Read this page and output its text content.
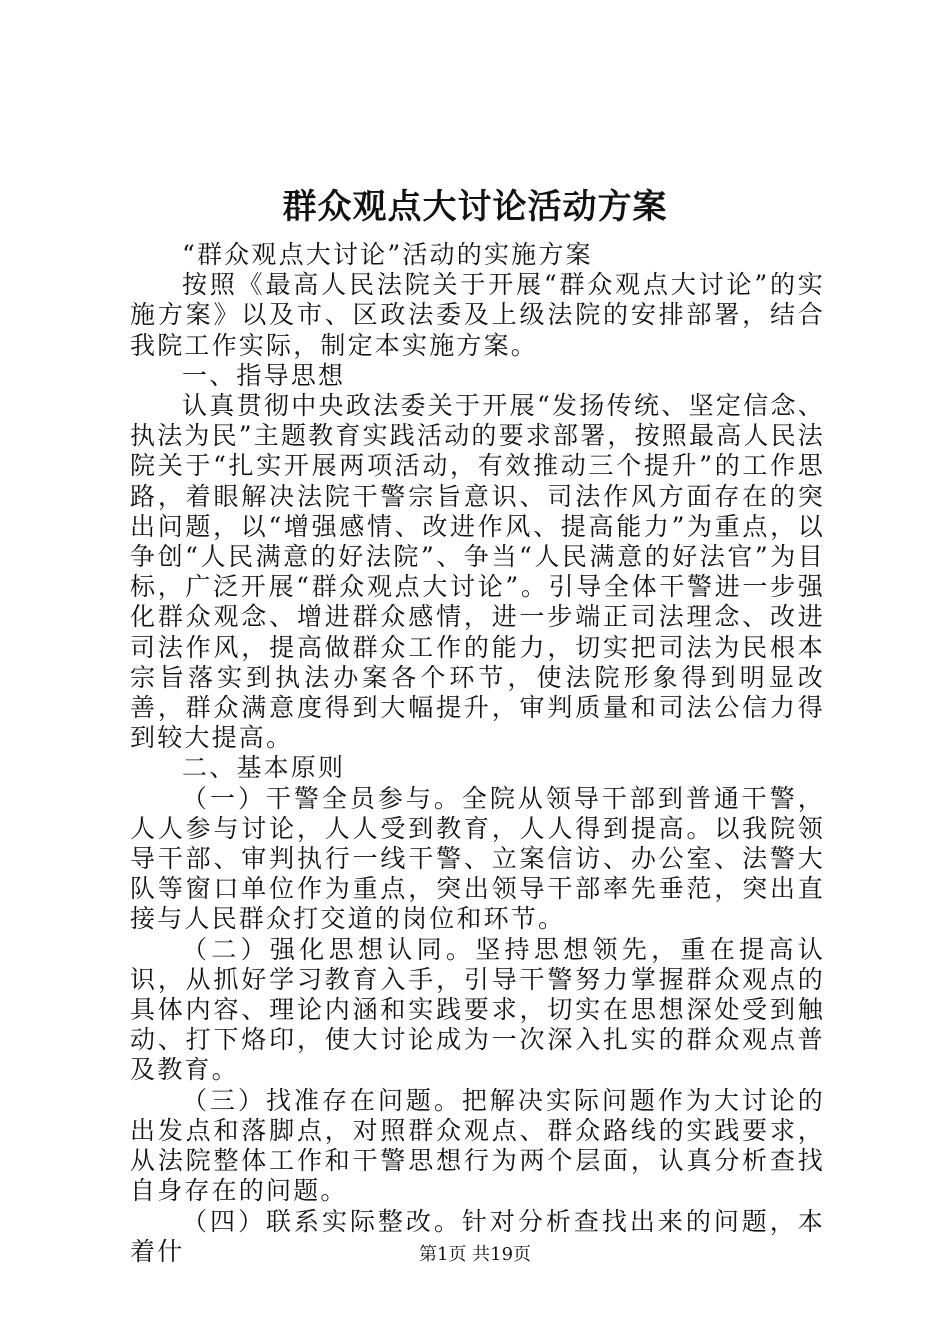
群众观点大讨论活动方案

“群众观点大讨论”活动的实施方案

按照《最高人民法院关于开展“群众观点大讨论”的实施方案》以及市、区政法委及上级法院的安排部署，结合我院工作实际，制定本实施方案。

一、指导思想

认真贯彻中央政法委关于开展“发扬传统、坚定信念、执法为民”主题教育实践活动的要求部署，按照最高人民法院关于“扎实开展两项活动，有效推动三个提升”的工作思路，着眼解决法院干警宗旨意识、司法作风方面存在的突出问题，以“增强感情、改进作风、提高能力”为重点，以争创“人民满意的好法院”、争当“人民满意的好法官”为目标，广泛开展“群众观点大讨论”。引导全体干警进一步强化群众观念、增进群众感情，进一步端正司法理念、改进司法作风，提高做群众工作的能力，切实把司法为民根本宗旨落实到执法办案各个环节，使法院形象得到明显改善，群众满意度得到大幅提升，审判质量和司法公信力得到较大提高。

二、基本原则

（一）干警全员参与。全院从领导干部到普通干警，人人参与讨论，人人受到教育，人人得到提高。以我院领导干部、审判执行一线干警、立案信访、办公室、法警大队等窗口单位作为重点，突出领导干部率先垂范，突出直接与人民群众打交道的岗位和环节。

（二）强化思想认同。坚持思想领先，重在提高认识，从抓好学习教育入手，引导干警努力掌握群众观点的具体内容、理论内涵和实践要求，切实在思想深处受到触动、打下烙印，使大讨论成为一次深入扎实的群众观点普及教育。

（三）找准存在问题。把解决实际问题作为大讨论的出发点和落脚点，对照群众观点、群众路线的实践要求，从法院整体工作和干警思想行为两个层面，认真分析查找自身存在的问题。

（四）联系实际整改。针对分析查找出来的问题，本着什	第1页 共19页
